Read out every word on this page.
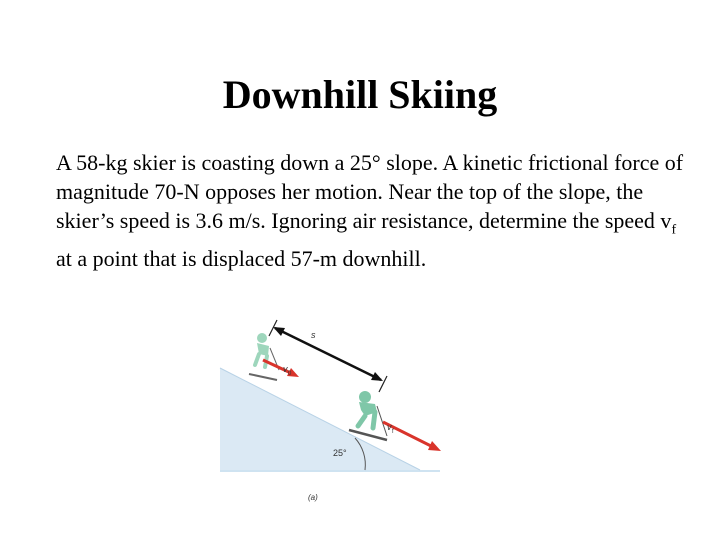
Downhill Skiing
A 58-kg skier is coasting down a 25° slope. A kinetic frictional force of magnitude 70-N opposes her motion. Near the top of the slope, the skier’s speed is 3.6 m/s. Ignoring air resistance, determine the speed $v_f$ at a point that is displaced 57-m downhill.
s
v 0
v f
25°
(a)
